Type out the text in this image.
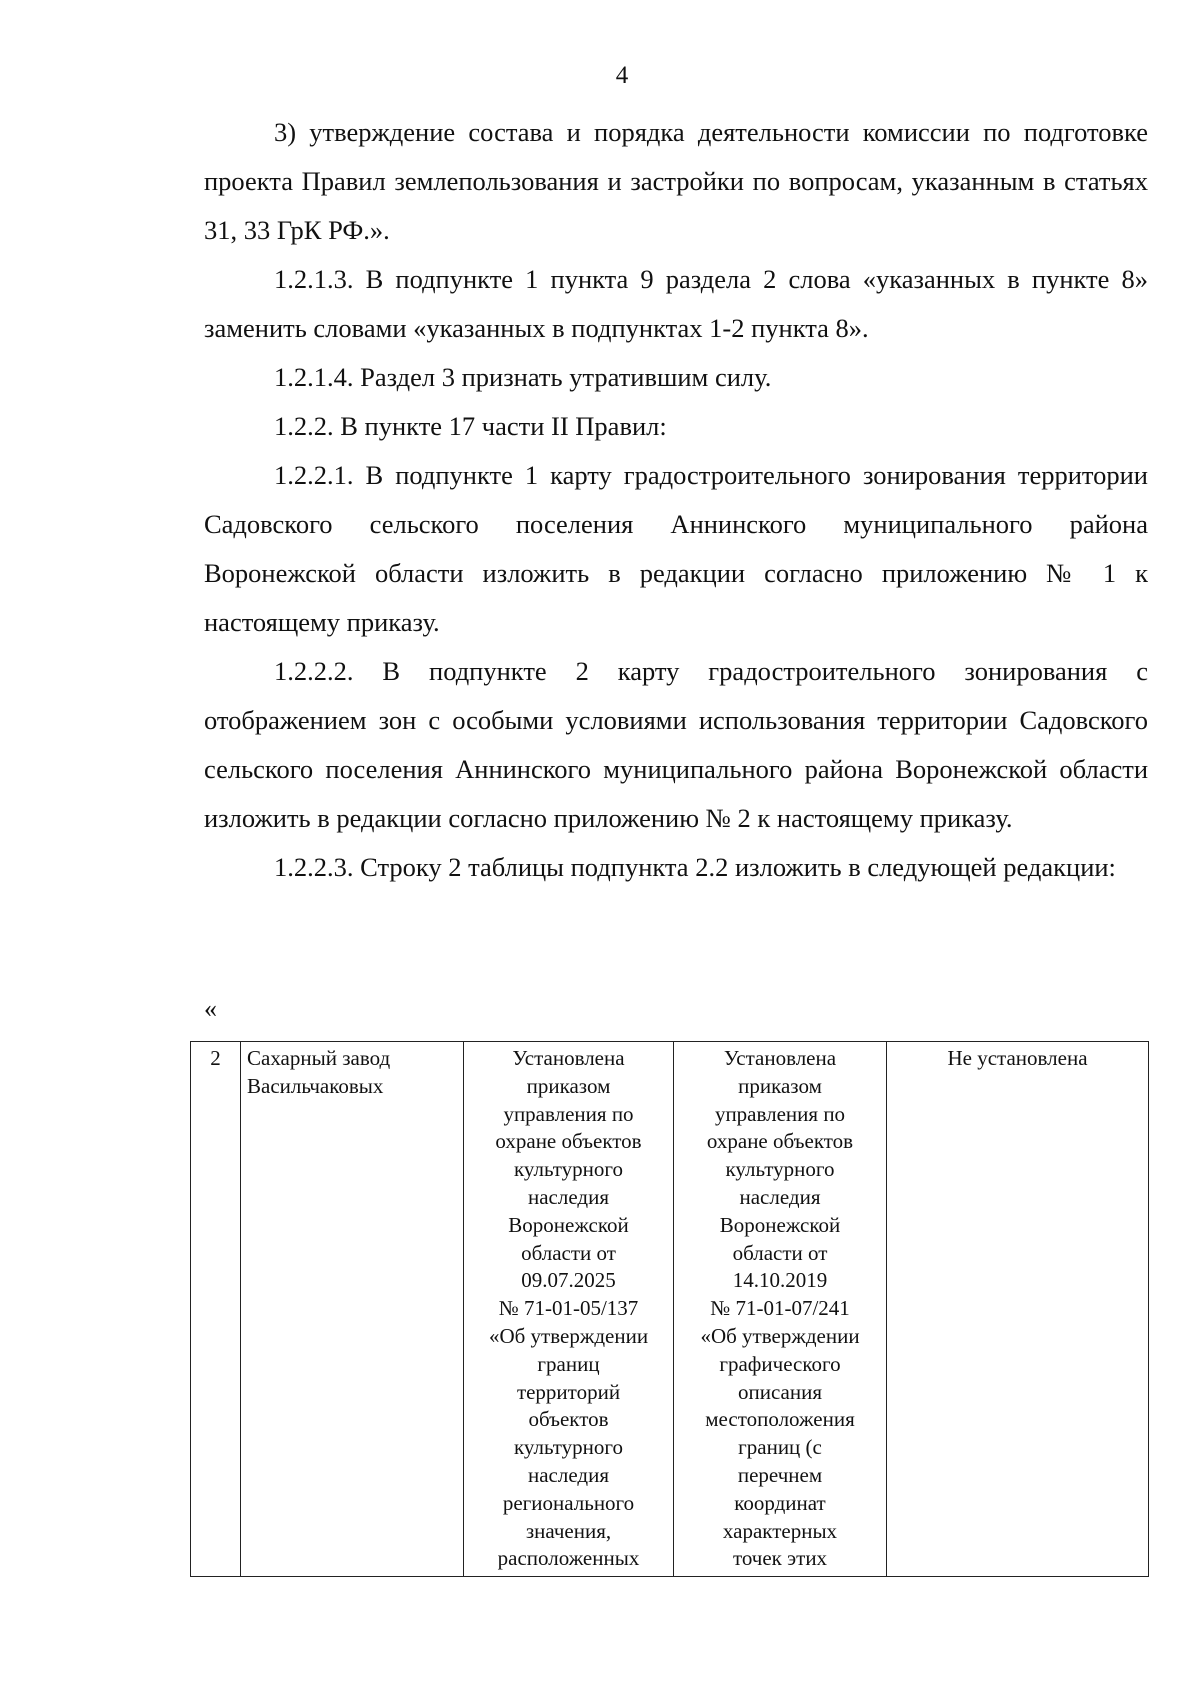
4

3) утверждение состава и порядка деятельности комиссии по подготовке проекта Правил землепользования и застройки по вопросам, указанным в статьях 31, 33 ГрК РФ.».

1.2.1.3. В подпункте 1 пункта 9 раздела 2 слова «указанных в пункте 8» заменить словами «указанных в подпунктах 1-2 пункта 8».

1.2.1.4. Раздел 3 признать утратившим силу.

1.2.2. В пункте 17 части II Правил:

1.2.2.1. В подпункте 1 карту градостроительного зонирования территории Садовского сельского поселения Аннинского муниципального района Воронежской области изложить в редакции согласно приложению № 1 к настоящему приказу.

1.2.2.2. В подпункте 2 карту градостроительного зонирования с отображением зон с особыми условиями использования территории Садовского сельского поселения Аннинского муниципального района Воронежской области изложить в редакции согласно приложению № 2 к настоящему приказу.

1.2.2.3. Строку 2 таблицы подпункта 2.2 изложить в следующей редакции:

«
2	Сахарный завод
Васильчаковых	Установлена
приказом
управления по
охране объектов
культурного
наследия
Воронежской
области от
09.07.2025
№ 71-01-05/137
«Об утверждении
границ
территорий
объектов
культурного
наследия
регионального
значения,
расположенных	Установлена
приказом
управления по
охране объектов
культурного
наследия
Воронежской
области от
14.10.2019
№ 71-01-07/241
«Об утверждении
графического
описания
местоположения
границ (с
перечнем
координат
характерных
точек этих	Не установлена
